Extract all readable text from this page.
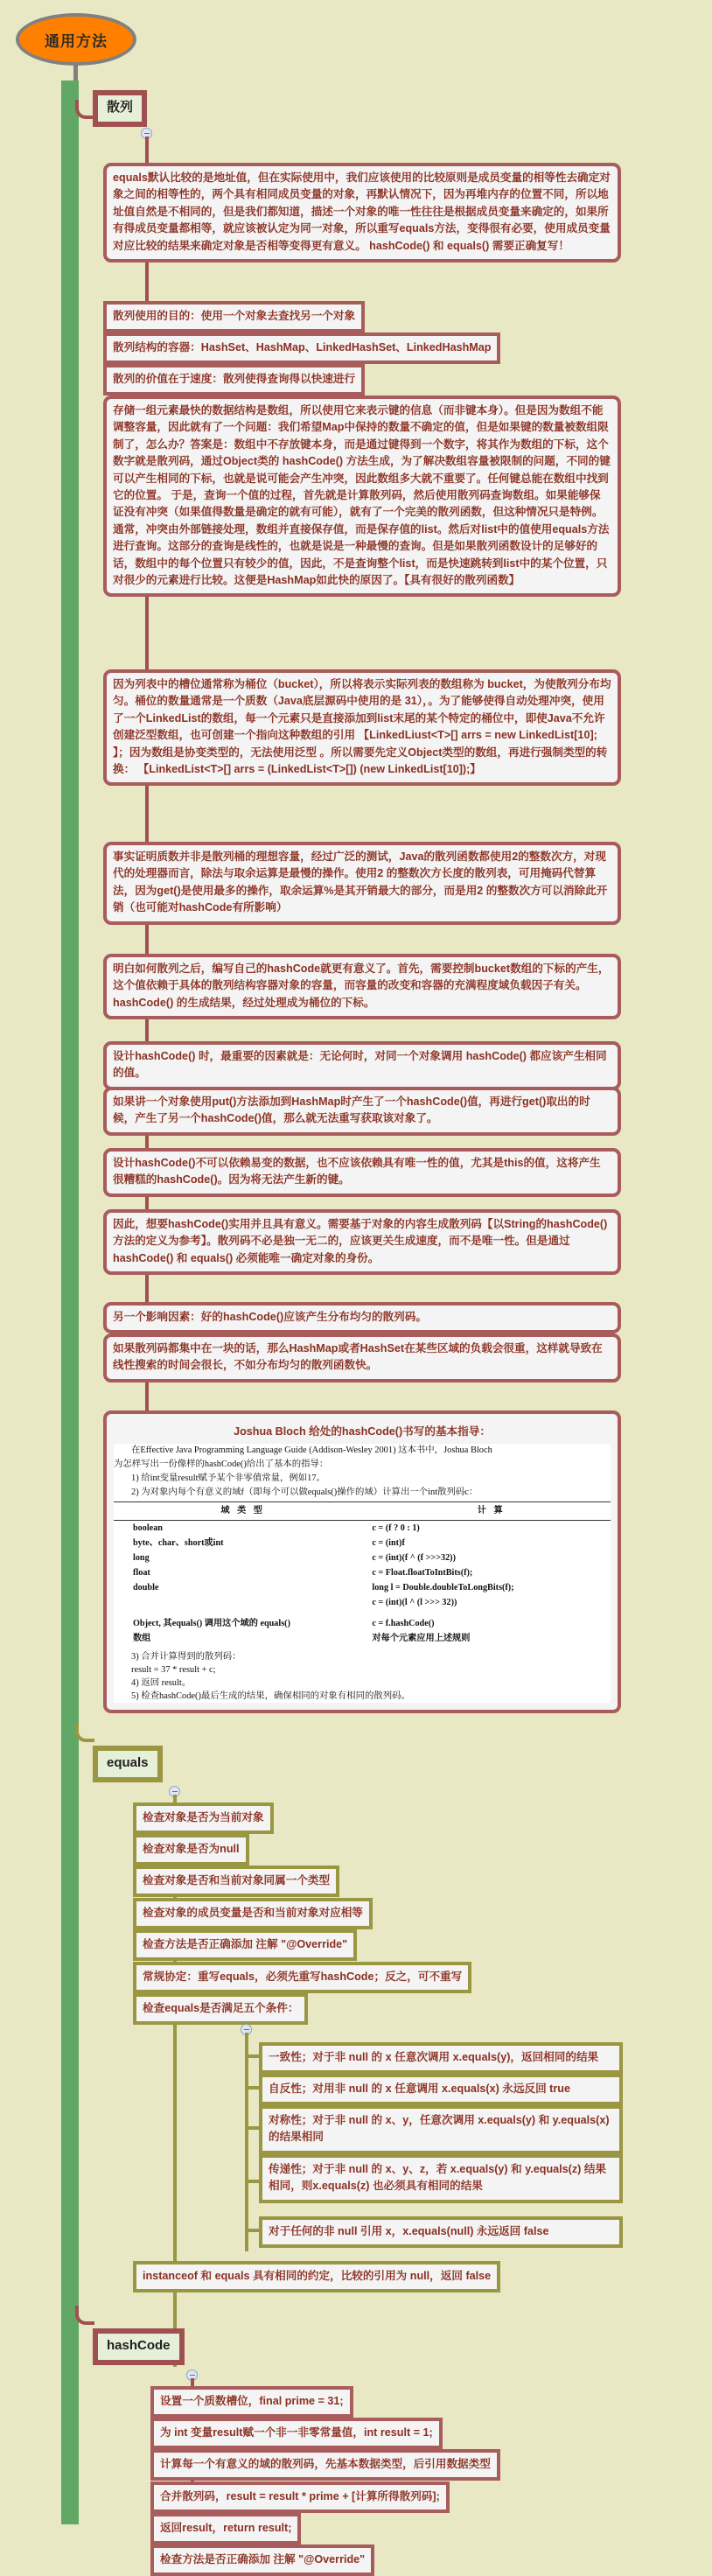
通用方法
散列
equals默认比较的是地址值，但在实际使用中，我们应该使用的比较原则是成员变量的相等性去确定对象之间的相等性的，两个具有相同成员变量的对象，再默认情况下，因为再堆内存的位置不同，所以地址值自然是不相同的，但是我们都知道，描述一个对象的唯一性往往是根据成员变量来确定的，如果所有得成员变量都相等，就应该被认定为同一对象，所以重写equals方法，变得很有必要，使用成员变量对应比较的结果来确定对象是否相等变得更有意义。 hashCode() 和 equals() 需要正确复写！
散列使用的目的：使用一个对象去查找另一个对象
散列结构的容器：HashSet、HashMap、LinkedHashSet、LinkedHashMap
散列的价值在于速度：散列使得查询得以快速进行
存储一组元素最快的数据结构是数组，所以使用它来表示键的信息（而非键本身）。但是因为数组不能调整容量，因此就有了一个问题：我们希望Map中保持的数量不确定的值，但是如果键的数量被数组限制了，怎么办？答案是：数组中不存放键本身，而是通过键得到一个数字，将其作为数组的下标，这个数字就是散列码，通过Object类的 hashCode() 方法生成，为了解决数组容量被限制的问题，不同的键可以产生相同的下标，也就是说可能会产生冲突，因此数组多大就不重要了。任何键总能在数组中找到它的位置。 于是，查询一个值的过程，首先就是计算散列码，然后使用散列码查询数组。如果能够保证没有冲突（如果值得数量是确定的就有可能），就有了一个完美的散列函数，但这种情况只是特例。通常，冲突由外部链接处理，数组并直接保存值，而是保存值的list。然后对list中的值使用equals方法进行查询。这部分的查询是线性的，也就是说是一种最慢的查询。但是如果散列函数设计的足够好的话，数组中的每个位置只有较少的值，因此，不是查询整个list，而是快速跳转到list中的某个位置，只对很少的元素进行比较。这便是HashMap如此快的原因了。【具有很好的散列函数】
因为列表中的槽位通常称为桶位（bucket），所以将表示实际列表的数组称为 bucket，为使散列分布均匀。桶位的数量通常是一个质数（Java底层源码中使用的是 31），。为了能够使得自动处理冲突，使用了一个LinkedList的数组，每一个元素只是直接添加到list末尾的某个特定的桶位中，即使Java不允许创建泛型数组，也可创建一个指向这种数组的引用 【LinkedLiust<T>[] arrs = new LinkedList[10]; 】；因为数组是协变类型的，无法使用泛型 。所以需要先定义Object类型的数组，再进行强制类型的转换： 【LinkedList<T>[] arrs = (LinkedList<T>[]) (new LinkedList[10]);】
事实证明质数并非是散列桶的理想容量，经过广泛的测试，Java的散列函数都使用2的整数次方，对现代的处理器而言，除法与取余运算是最慢的操作。使用2 的整数次方长度的散列表，可用掩码代替算法，因为get()是使用最多的操作，取余运算%是其开销最大的部分，而是用2 的整数次方可以消除此开销（也可能对hashCode有所影响）
明白如何散列之后，编写自己的hashCode就更有意义了。首先，需要控制bucket数组的下标的产生，这个值依赖于具体的散列结构容器对象的容量，而容量的改变和容器的充满程度域负载因子有关。hashCode() 的生成结果，经过处理成为桶位的下标。
设计hashCode() 时，最重要的因素就是：无论何时，对同一个对象调用 hashCode() 都应该产生相同的值。
如果讲一个对象使用put()方法添加到HashMap时产生了一个hashCode()值，再进行get()取出的时候，产生了另一个hashCode()值，那么就无法重写获取该对象了。
设计hashCode()不可以依赖易变的数据，也不应该依赖具有唯一性的值，尤其是this的值，这将产生很糟糕的hashCode()。因为将无法产生新的键。
因此，想要hashCode()实用并且具有意义。需要基于对象的内容生成散列码【以String的hashCode()方法的定义为参考】。散列码不必是独一无二的，应该更关生成速度，而不是唯一性。但是通过hashCode() 和 equals() 必须能唯一确定对象的身份。
另一个影响因素：好的hashCode()应该产生分布均匀的散列码。
如果散列码都集中在一块的话，那么HashMap或者HashSet在某些区域的负载会很重，这样就导致在线性搜索的时间会很长，不如分布均匀的散列函数快。
Joshua Bloch 给处的hashCode()书写的基本指导：

在Effective Java Programming Language Guide (Addison-Wesley 2001) 这本书中，Joshua Bloch

为怎样写出一份像样的hashCode()给出了基本的指导：

1) 给int变量result赋予某个非零值常量，例如17。

2) 为对象内每个有意义的域f（即每个可以做equals()操作的域）计算出一个int散列码c：

域 类 型	计 算
boolean	c = (f ? 0 : 1)
byte、char、short或int	c = (int)f
long	c = (int)(f ^ (f >>>32))
float	c = Float.floatToIntBits(f);
double	long l = Double.doubleToLongBits(f);
	c = (int)(l ^ (l >>> 32))

Object, 其equals() 调用这个域的 equals()	c = f.hashCode()
数组	对每个元素应用上述规则

3) 合并计算得到的散列码：

result = 37 * result + c;

4) 返回 result。

5) 检查hashCode()最后生成的结果，确保相同的对象有相同的散列码。

equals
检查对象是否为当前对象
检查对象是否为null
检查对象是否和当前对象同属一个类型
检查对象的成员变量是否和当前对象对应相等
检查方法是否正确添加 注解 "@Override"
常规协定：重写equals，必须先重写hashCode；反之，可不重写
检查equals是否满足五个条件：
一致性；对于非 null 的 x 任意次调用 x.equals(y)，返回相同的结果
自反性；对用非 null 的 x 任意调用 x.equals(x) 永远反回 true
对称性；对于非 null 的 x、y，任意次调用 x.equals(y) 和 y.equals(x) 的结果相同
传递性；对于非 null 的 x、y、z，若 x.equals(y) 和 y.equals(z) 结果相同，则x.equals(z) 也必须具有相同的结果
对于任何的非 null 引用 x，x.equals(null) 永远返回 false
instanceof 和 equals 具有相同的约定，比较的引用为 null，返回 false
hashCode
设置一个质数槽位，final prime = 31;
为 int 变量result赋一个非一非零常量值，int result = 1;
计算每一个有意义的域的散列码，先基本数据类型，后引用数据类型
合并散列码，result = result * prime + [计算所得散列码];
返回result，return result;
检查方法是否正确添加 注解 "@Override"
